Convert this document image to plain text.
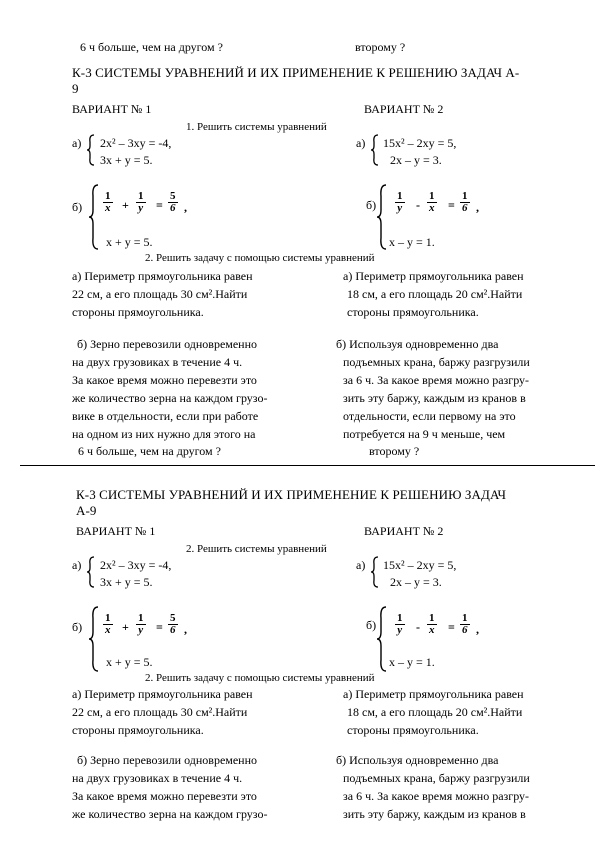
6 ч больше, чем на другом ?	второму ?
К-3 СИСТЕМЫ УРАВНЕНИЙ И ИХ ПРИМЕНЕНИЕ К РЕШЕНИЮ ЗАДАЧ А-
9
ВАРИАНТ № 1	ВАРИАНТ № 2
1. Решить системы уравнений
а) 2x² – 3xy = -4,
3x + y = 5.
а) 15x² – 2xy = 5,
2x – y = 3.
$б) \frac{1}{x} + \frac{1}{y} = \frac{5}{6}$ ,
x + y = 5.
$б) \frac{1}{y} - \frac{1}{x} = \frac{1}{6}$ ,
x – y = 1.
2. Решить задачу с помощью системы уравнений
а) Периметр прямоугольника равен
22 см, а его площадь 30 см².Найти
стороны прямоугольника.
а) Периметр прямоугольника равен
18 см, а его площадь 20 см².Найти
стороны прямоугольника.
б) Зерно перевозили одновременно
на двух грузовиках в течение 4 ч.
За какое время можно перевезти это
же количество зерна на каждом грузо-
вике в отдельности, если при работе
на одном из них нужно для этого на
6 ч больше, чем на другом ?
б) Используя одновременно два
подъемных крана, баржу разгрузили
за 6 ч. За какое время можно разгру-
зить эту баржу, каждым из кранов в
отдельности, если первому на это
потребуется на 9 ч меньше, чем
второму ?
К-3 СИСТЕМЫ УРАВНЕНИЙ И ИХ ПРИМЕНЕНИЕ К РЕШЕНИЮ ЗАДАЧ
А-9
ВАРИАНТ № 1	ВАРИАНТ № 2
2. Решить системы уравнений
а) 2x² – 3xy = -4,
3x + y = 5.
а) 15x² – 2xy = 5,
2x – y = 3.
$б) \frac{1}{x} + \frac{1}{y} = \frac{5}{6}$ ,
x + y = 5.
$б) \frac{1}{y} - \frac{1}{x} = \frac{1}{6}$ ,
x – y = 1.
2. Решить задачу с помощью системы уравнений
а) Периметр прямоугольника равен
22 см, а его площадь 30 см².Найти
стороны прямоугольника.
а) Периметр прямоугольника равен
18 см, а его площадь 20 см².Найти
стороны прямоугольника.
б) Зерно перевозили одновременно
на двух грузовиках в течение 4 ч.
За какое время можно перевезти это
же количество зерна на каждом грузо-
б) Используя одновременно два
подъемных крана, баржу разгрузили
за 6 ч. За какое время можно разгру-
зить эту баржу, каждым из кранов в
